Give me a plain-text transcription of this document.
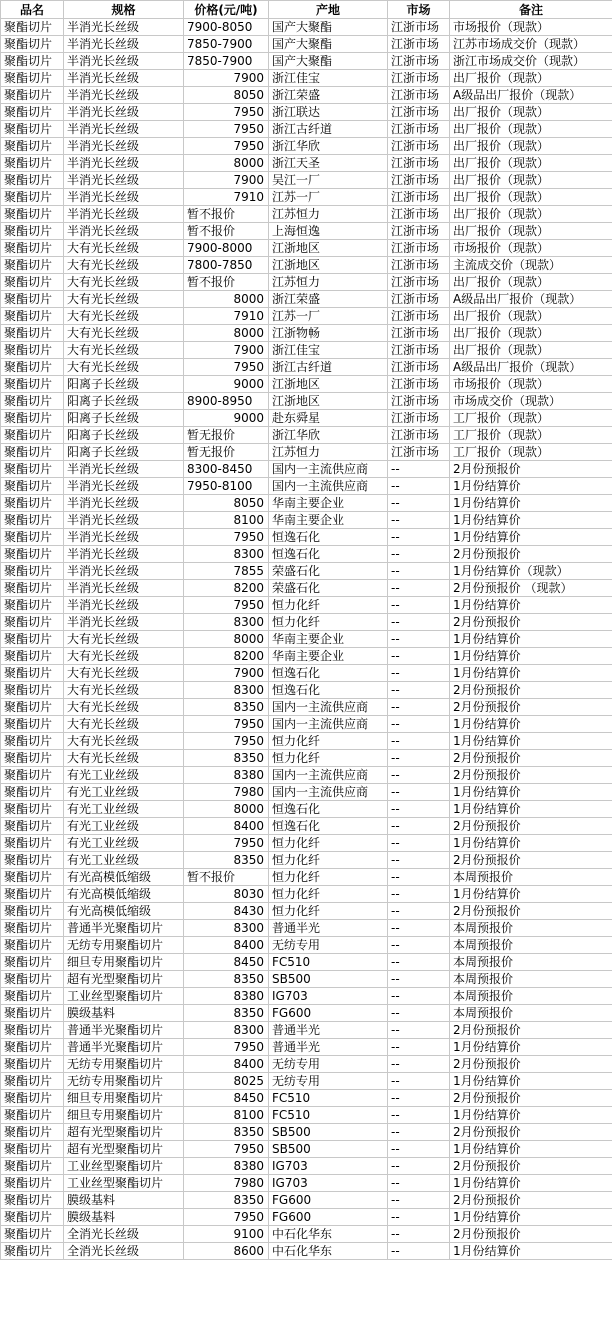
品名	规格	价格(元/吨)	产地	市场	备注
聚酯切片	半消光长丝级	7900-8050	国产大聚酯	江浙市场	市场报价（现款）
聚酯切片	半消光长丝级	7850-7900	国产大聚酯	江浙市场	江苏市场成交价（现款）
聚酯切片	半消光长丝级	7850-7900	国产大聚酯	江浙市场	浙江市场成交价（现款）
聚酯切片	半消光长丝级	7900	浙江佳宝	江浙市场	出厂报价（现款）
聚酯切片	半消光长丝级	8050	浙江荣盛	江浙市场	A级品出厂报价（现款）
聚酯切片	半消光长丝级	7950	浙江联达	江浙市场	出厂报价（现款）
聚酯切片	半消光长丝级	7950	浙江古纤道	江浙市场	出厂报价（现款）
聚酯切片	半消光长丝级	7950	浙江华欣	江浙市场	出厂报价（现款）
聚酯切片	半消光长丝级	8000	浙江天圣	江浙市场	出厂报价（现款）
聚酯切片	半消光长丝级	7900	吴江一厂	江浙市场	出厂报价（现款）
聚酯切片	半消光长丝级	7910	江苏一厂	江浙市场	出厂报价（现款）
聚酯切片	半消光长丝级	暂不报价	江苏恒力	江浙市场	出厂报价（现款）
聚酯切片	半消光长丝级	暂不报价	上海恒逸	江浙市场	出厂报价（现款）
聚酯切片	大有光长丝级	7900-8000	江浙地区	江浙市场	市场报价（现款）
聚酯切片	大有光长丝级	7800-7850	江浙地区	江浙市场	主流成交价（现款）
聚酯切片	大有光长丝级	暂不报价	江苏恒力	江浙市场	出厂报价（现款）
聚酯切片	大有光长丝级	8000	浙江荣盛	江浙市场	A级品出厂报价（现款）
聚酯切片	大有光长丝级	7910	江苏一厂	江浙市场	出厂报价（现款）
聚酯切片	大有光长丝级	8000	江浙物畅	江浙市场	出厂报价（现款）
聚酯切片	大有光长丝级	7900	浙江佳宝	江浙市场	出厂报价（现款）
聚酯切片	大有光长丝级	7950	浙江古纤道	江浙市场	A级品出厂报价（现款）
聚酯切片	阳离子长丝级	9000	江浙地区	江浙市场	市场报价（现款）
聚酯切片	阳离子长丝级	8900-8950	江浙地区	江浙市场	市场成交价（现款）
聚酯切片	阳离子长丝级	9000	赴东舜星	江浙市场	工厂报价（现款）
聚酯切片	阳离子长丝级	暂无报价	浙江华欣	江浙市场	工厂报价（现款）
聚酯切片	阳离子长丝级	暂无报价	江苏恒力	江浙市场	工厂报价（现款）
聚酯切片	半消光长丝级	8300-8450	国内一主流供应商	--	2月份预报价
聚酯切片	半消光长丝级	7950-8100	国内一主流供应商	--	1月份结算价
聚酯切片	半消光长丝级	8050	华南主要企业	--	1月份结算价
聚酯切片	半消光长丝级	8100	华南主要企业	--	1月份结算价
聚酯切片	半消光长丝级	7950	恒逸石化	--	1月份结算价
聚酯切片	半消光长丝级	8300	恒逸石化	--	2月份预报价
聚酯切片	半消光长丝级	7855	荣盛石化	--	1月份结算价（现款）
聚酯切片	半消光长丝级	8200	荣盛石化	--	2月份预报价 （现款）
聚酯切片	半消光长丝级	7950	恒力化纤	--	1月份结算价
聚酯切片	半消光长丝级	8300	恒力化纤	--	2月份预报价
聚酯切片	大有光长丝级	8000	华南主要企业	--	1月份结算价
聚酯切片	大有光长丝级	8200	华南主要企业	--	1月份结算价
聚酯切片	大有光长丝级	7900	恒逸石化	--	1月份结算价
聚酯切片	大有光长丝级	8300	恒逸石化	--	2月份预报价
聚酯切片	大有光长丝级	8350	国内一主流供应商	--	2月份预报价
聚酯切片	大有光长丝级	7950	国内一主流供应商	--	1月份结算价
聚酯切片	大有光长丝级	7950	恒力化纤	--	1月份结算价
聚酯切片	大有光长丝级	8350	恒力化纤	--	2月份预报价
聚酯切片	有光工业丝级	8380	国内一主流供应商	--	2月份预报价
聚酯切片	有光工业丝级	7980	国内一主流供应商	--	1月份结算价
聚酯切片	有光工业丝级	8000	恒逸石化	--	1月份结算价
聚酯切片	有光工业丝级	8400	恒逸石化	--	2月份预报价
聚酯切片	有光工业丝级	7950	恒力化纤	--	1月份结算价
聚酯切片	有光工业丝级	8350	恒力化纤	--	2月份预报价
聚酯切片	有光高模低缩级	暂不报价	恒力化纤	--	本周预报价
聚酯切片	有光高模低缩级	8030	恒力化纤	--	1月份结算价
聚酯切片	有光高模低缩级	8430	恒力化纤	--	2月份预报价
聚酯切片	普通半光聚酯切片	8300	普通半光	--	本周预报价
聚酯切片	无纺专用聚酯切片	8400	无纺专用	--	本周预报价
聚酯切片	细旦专用聚酯切片	8450	FC510	--	本周预报价
聚酯切片	超有光型聚酯切片	8350	SB500	--	本周预报价
聚酯切片	工业丝型聚酯切片	8380	IG703	--	本周预报价
聚酯切片	膜级基料	8350	FG600	--	本周预报价
聚酯切片	普通半光聚酯切片	8300	普通半光	--	2月份预报价
聚酯切片	普通半光聚酯切片	7950	普通半光	--	1月份结算价
聚酯切片	无纺专用聚酯切片	8400	无纺专用	--	2月份预报价
聚酯切片	无纺专用聚酯切片	8025	无纺专用	--	1月份结算价
聚酯切片	细旦专用聚酯切片	8450	FC510	--	2月份预报价
聚酯切片	细旦专用聚酯切片	8100	FC510	--	1月份结算价
聚酯切片	超有光型聚酯切片	8350	SB500	--	2月份预报价
聚酯切片	超有光型聚酯切片	7950	SB500	--	1月份结算价
聚酯切片	工业丝型聚酯切片	8380	IG703	--	2月份预报价
聚酯切片	工业丝型聚酯切片	7980	IG703	--	1月份结算价
聚酯切片	膜级基料	8350	FG600	--	2月份预报价
聚酯切片	膜级基料	7950	FG600	--	1月份结算价
聚酯切片	全消光长丝级	9100	中石化华东	--	2月份预报价
聚酯切片	全消光长丝级	8600	中石化华东	--	1月份结算价
